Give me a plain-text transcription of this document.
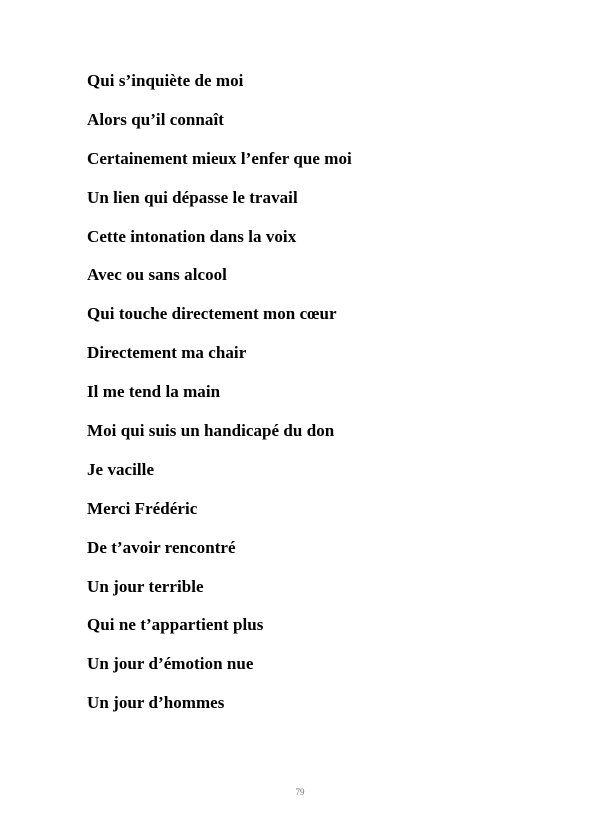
Qui s’inquiète de moi
Alors qu’il connaît
Certainement mieux l’enfer que moi
Un lien qui dépasse le travail
Cette intonation dans la voix
Avec ou sans alcool
Qui touche directement mon cœur
Directement ma chair
Il me tend la main
Moi qui suis un handicapé du don
Je vacille
Merci Frédéric
De t’avoir rencontré
Un jour terrible
Qui ne t’appartient plus
Un jour d’émotion nue
Un jour d’hommes
79
